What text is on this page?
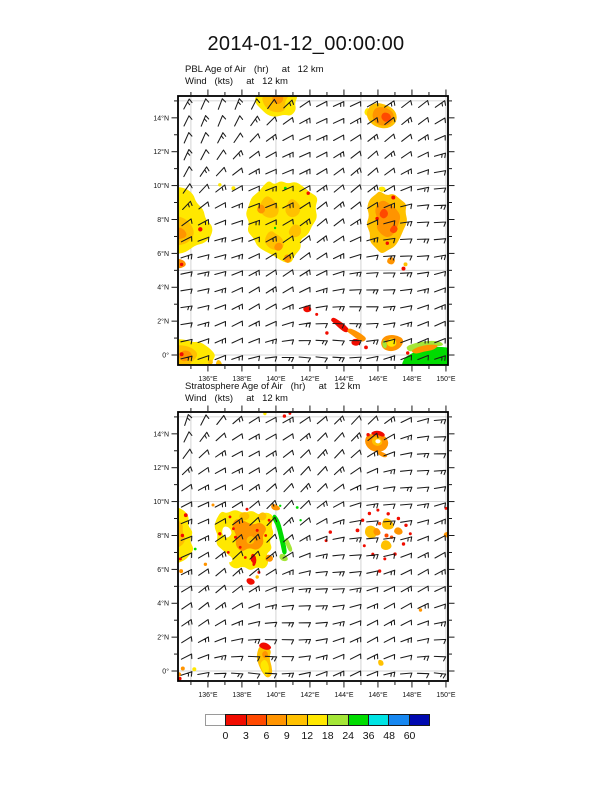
2014-01-12_00:00:00
PBL Age of Air   (hr)     at   12 km
Wind   (kts)     at   12 km
136°E 138°E 140°E 142°E 144°E 146°E 148°E 150°E
0°
2°N
4°N
6°N
8°N
10°N
12°N
14°N
Stratosphere Age of Air   (hr)     at   12 km
Wind   (kts)     at   12 km
136°E 138°E 140°E 142°E 144°E 146°E 148°E 150°E
0°
2°N
4°N
6°N
8°N
10°N
12°N
14°N
0 3 6 9 12 18 24 36 48 60
